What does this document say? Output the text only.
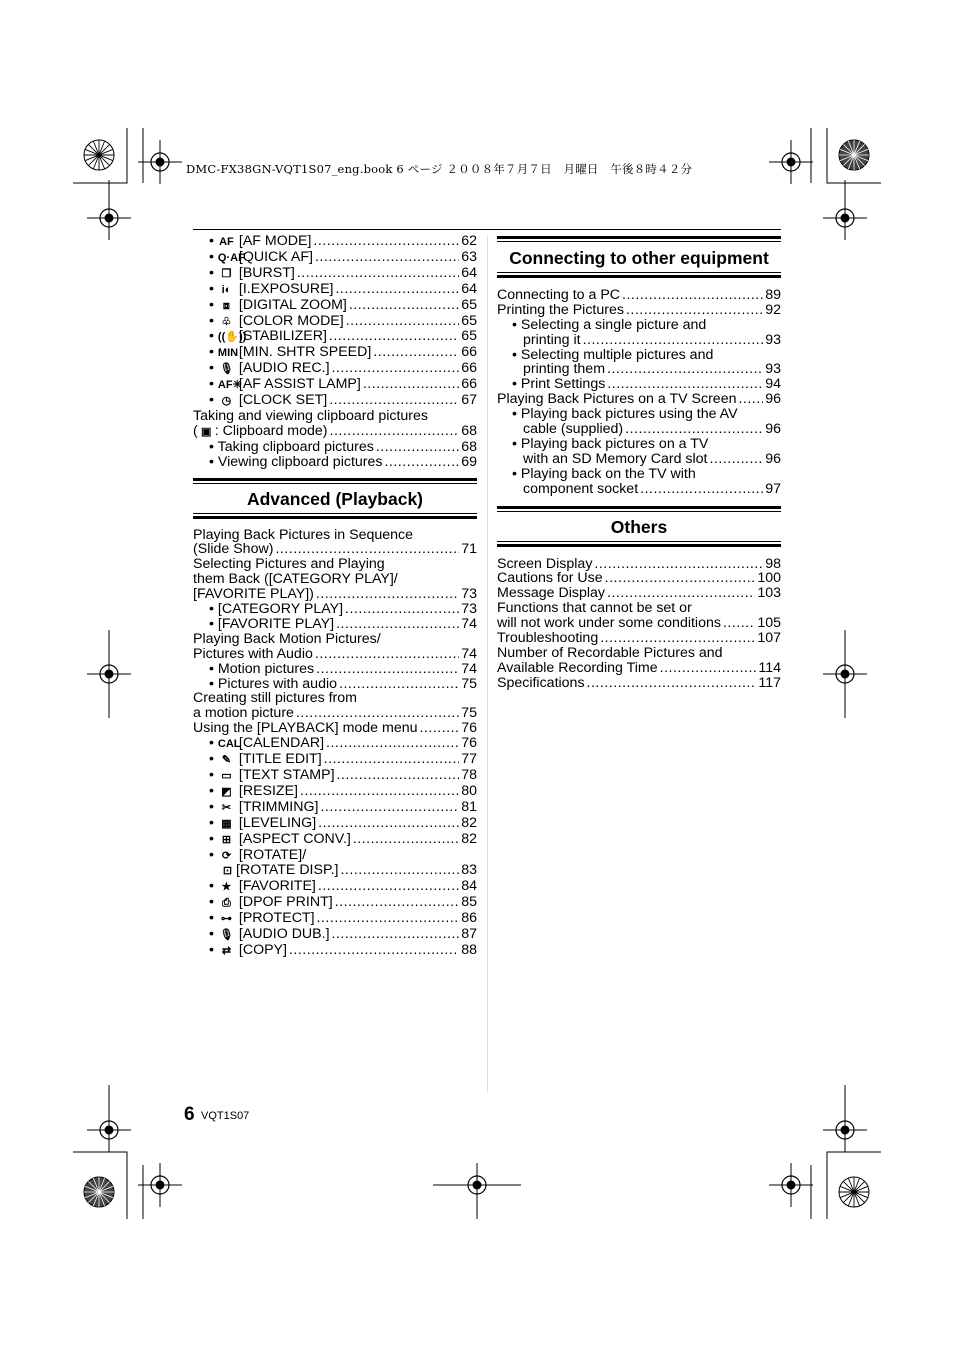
DMC-FX38GN-VQT1S07_eng.book 6 ページ ２００８年７月７日　月曜日　午後８時４２分
• AF [AF MODE] .....	62
• Q·AF [QUICK AF] .....	63
• ❐ [BURST] .....	64
• i◐ [I.EXPOSURE] .....	64
• ⧈ [DIGITAL ZOOM] .....	65
• ♧ [COLOR MODE] .....	65
• ((✋)) [STABILIZER] .....	65
• MIN [MIN. SHTR SPEED] .....	66
• 🎙 [AUDIO REC.] .....	66
• AF✳ [AF ASSIST LAMP] .....	66
• ◷ [CLOCK SET] .....	67
Taking and viewing clipboard pictures
( ▣ : Clipboard mode) .....	68
• Taking clipboard pictures .....	68
• Viewing clipboard pictures .....	69
Advanced (Playback)
Playing Back Pictures in Sequence
(Slide Show) .....	71
Selecting Pictures and Playing
them Back ([CATEGORY PLAY]/
[FAVORITE PLAY]) .....	73
• [CATEGORY PLAY] .....	73
• [FAVORITE PLAY] .....	74
Playing Back Motion Pictures/
Pictures with Audio .....	74
• Motion pictures .....	74
• Pictures with audio .....	75
Creating still pictures from
a motion picture .....	75
Using the [PLAYBACK] mode menu .....	76
• CAL [CALENDAR] .....	76
• ✎ [TITLE EDIT] .....	77
• ▭ [TEXT STAMP] .....	78
• ◩ [RESIZE] .....	80
• ✂ [TRIMMING] .....	81
• ▦ [LEVELING] .....	82
• ⊞ [ASPECT CONV.] .....	82
• ⟳ [ROTATE]/
⊡ [ROTATE DISP.] .....	83
• ★ [FAVORITE] .....	84
• ⎙ [DPOF PRINT] .....	85
• ⊶ [PROTECT] .....	86
• 🎙 [AUDIO DUB.] .....	87
• ⇄ [COPY] .....	88
Connecting to other equipment
Connecting to a PC .....	89
Printing the Pictures .....	92
• Selecting a single picture and
printing it .....	93
• Selecting multiple pictures and
printing them .....	93
• Print Settings .....	94
Playing Back Pictures on a TV Screen ..... 96
• Playing back pictures using the AV
cable (supplied) .....	96
• Playing back pictures on a TV
with an SD Memory Card slot .....	96
• Playing back on the TV with
component socket .....	97
Others
Screen Display .....	98
Cautions for Use .....	100
Message Display .....	103
Functions that cannot be set or
will not work under some conditions .....	105
Troubleshooting .....	107
Number of Recordable Pictures and
Available Recording Time .....	114
Specifications .....	117
6 VQT1S07
